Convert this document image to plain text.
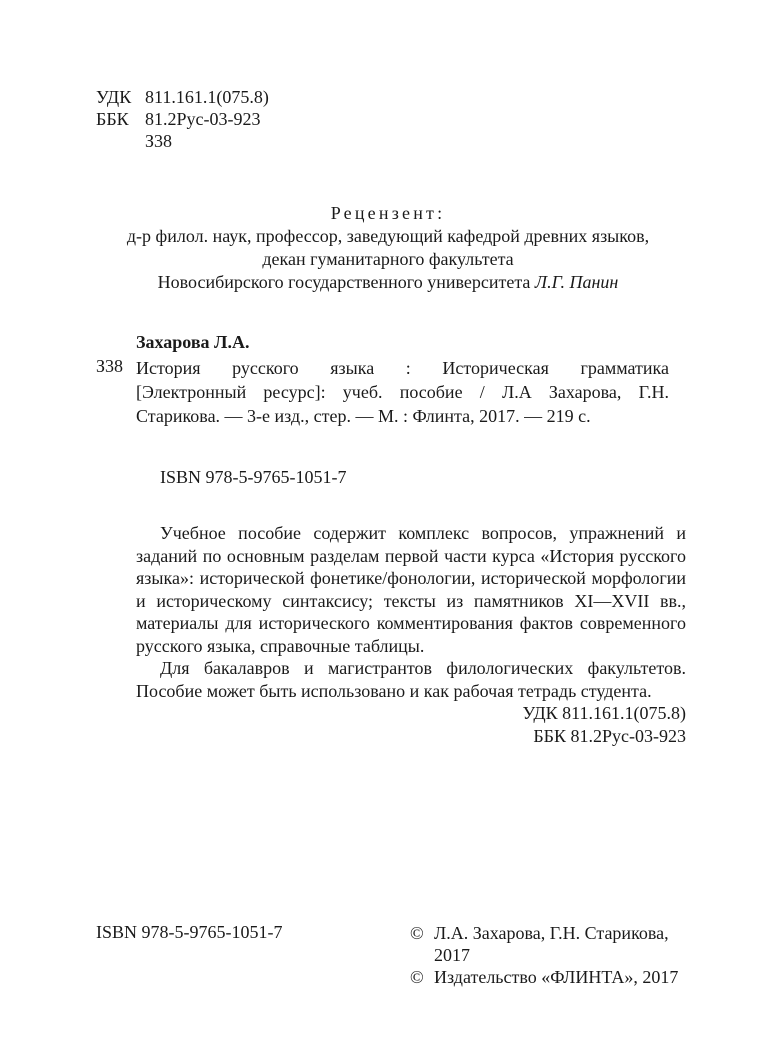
УДК 811.161.1(075.8)
ББК 81.2Рус-03-923
З38
Рецензент:
д-р филол. наук, профессор, заведующий кафедрой древних языков,
декан гуманитарного факультета
Новосибирского государственного университета Л.Г. Панин
Захарова Л.А.
З38 История русского языка : Историческая грамматика
[Электронный ресурс]: учеб. пособие / Л.А Захарова, Г.Н.
Старикова. — 3-е изд., стер. — М. : Флинта, 2017. — 219 с.
ISBN 978-5-9765-1051-7

Учебное пособие содержит комплекс вопросов, упражнений и заданий по основным разделам первой части курса «История русского языка»: исторической фонетике/фонологии, исторической морфологии и историческому синтаксису; тексты из памятников XI—XVII вв., материалы для исторического комментирования фактов современного русского языка, справочные таблицы.

Для бакалавров и магистрантов филологических факультетов. Пособие может быть использовано и как рабочая тетрадь студента.

УДК 811.161.1(075.8)

ББК 81.2Рус-03-923

ISBN 978-5-9765-1051-7	© Л.А. Захарова, Г.Н. Старикова, 2017
© Издательство «ФЛИНТА», 2017
